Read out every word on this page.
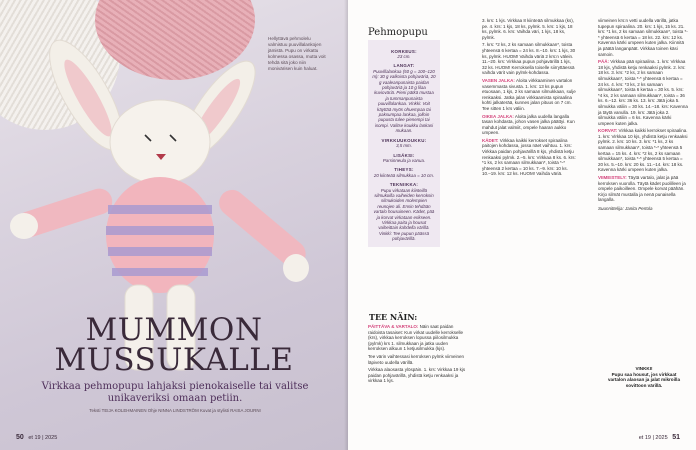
Hellyttävä pehmolelu valmistuu puuvillalankojen jämistä. Pupu on virkattu kolmessa osassa, mutta voit tehdä sitä joko niin monivärisen kuin haluat.
MUMMON
MUSSUKALLE
Virkkaa pehmopupu lahjaksi pienokaiselle tai valitse unikaveriksi omaan petiin.
Teksti TEIJA KOLEHMAINEN Ohje NINNA LINDSTRÖM Kuvat ja stylisti RAISA JOURNI
50 et 19 | 2025
Pehmopupu
KORKEUS:
23 cm.
LANGAT:
Puuvillalankaa (50 g = 100–120 m): 30 g valkoista pohjaväriä, 20 g vaaleanpunaista paidan pohjaväriä ja 10 g lilaa kuvioväriä. Pieni pätkä mustaa ja tummanpunaista puuvillalankaa. Vinkki: Voit käyttää myös ohuempaa tai paksumpaa lankaa, jolloin pupusta tulee pienempi tai isompi. Valitse koukku lankasi mukaan.
VIRKKUUKOUKKU:
3,5 mm.
LISÄKSI:
Parsinneula ja vanua.
TIHEYS:
20 kiinteää silmukkaa = 10 cm.
TEKNIIKKA:
Pupu virkataan kiinteillä silmukoilla vaiheiden kerroksin silmukoiden molempien reunojen ali. Ensin tehdään vartalo housuineen. Kädet, pää ja korvat virkataan erikseen. Virkkaa paita ja housut vaiheittain kahdella värillä. Vinkki: Tee pupun päässä pohjavärillä.
TEE NÄIN:
PÄITTÄVA & VARTALO: Näin saat paidan raidoista tasaiset: Kun virkat uudelle kerrokselle (krs), virkkaa kerroksen lopussa piilosilmukka (pylmk) krs 1. silmukkaan ja jatka uuden kerroksen alkuun 1 ketjusilmukka (kjs).
Tee värin vaihtessasi kerroksen pylmk viimeinen läpiveto uudella värillä.
Virkkaa alaosasta ylöspäin. 1. krs: Virkkaa 19 kjs paidan pohjavärillä, yhdistä ketju renkaaksi ja virkkaa 1 kjs.
3. krs: 1 kjs. Virkkaa 8 kiinteää silmukkaa (ks), pe. 4. krs: 1 kjs, 18 ks, pylmk. 5. krs: 1 kjs, 18 ks, pylmk. 6. krs: Vaihda väri, 1 kjs, 18 ks, pylmk.
7. krs: *2 ks, 2 ks samaan silmukkaan*, toista yhteensä 6 kertaa = 24 ks. 8.–10. krs: 1 kjs, 30 ks, pylmk. HUOM! Vaihda väriä 2 krs:n välein. 11.–20. krs: Virkkaa pupun pohjavärillä 1 kjs, 32 ks. HUOM! Kerroksella toiselle siirryttäessä vaihda värit vain pylmk-kohdassa.
VASEN JALKA: Aloita virkkaaminen vartalon vasemmasta sivusta. 1. krs: 13 ks pupun etuosaan, 1 kjs, 2 ks samaan silmukkaan, sulje renkaaksi. Jatka jalan virkkaamista spiraalina kohti jalkaterää, kunnes jalan pituus on 7 cm. Tee sitten 1 krs väliin.
OIKEA JALKA: Aloita jalka uudella langalla tasan kohdasta, johon vasen jalka päättyi. Kun mahdut jalat valmiit, ompele haaran aukko umpeen.
KÄDET: Virkkaa kaikki kerrokset spiraalina paitojen kohdassa, jossa näet vaihtuu. 1. krs: Virkkaa paidan pohjavärillä 8 kjs, yhdistä ketju renkaaksi pylmk. 2.–5. krs: Virkkaa 8 ks. 6. krs: *1 ks, 2 ks samaan silmukkaan*, toista *-* yhteensä 2 kertaa = 10 ks. 7.–9. krs: 10 ks. 10.–19. krs: 12 ks. HUOM! Vaihda väriä.
viimeinen krs:n vetti uudella värillä, jatka tupepun spiraalina. 20. krs: 1 kjs, 15 ks. 21. krs: *1 ks, 2 ks samaan silmukkaan*, toista *-* yhteensä 6 kertaa = 18 ks. 22. krs: 12 ks. Kavenna kärki umpeen kuten jalka. Kiinnitä ja päätä langanpäät. Virkkaa toinen käsi samoin.
PÄÄ: Virkkaa pää spiraalina. 1. krs: Virkkaa 18 kjs, yhdistä ketju renkaaksi pylmk. 2. krs: 18 ks. 3. krs: *2 ks, 2 ks samaan silmukkaan*, toista *-* yhteensä 6 kertaa = 24 ks. 4. krs: *3 ks, 2 ks samaan silmukkaan*, toista 6 kertaa = 30 ks. 5. krs: *4 ks, 2 ks samaan silmukkaan*, toista = 36 ks. 6.–12. krs: 36 ks. 13. krs: Jätä joka 5. silmukka väliin = 30 ks. 14.–18. krs: Kavenna ja täytä vanulla. 19. krs: Jätä joka 2. silmukka väliin = 6 ks. Kavenna kärki umpeen kuten jalka.
KORVAT: Virkkaa kaikki kerrokset spiraalina. 1. krs: Virkkaa 10 kjs, yhdistä ketju renkaaksi pylmk. 2. krs: 10 ks. 3. krs: *1 ks, 2 ks samaan silmukkaan*, toista *-* yhteensä 5 kertaa = 15 ks. 4. krs: *2 ks, 2 ks samaan silmukkaan*, toista *-* yhteensä 5 kertaa = 20 ks. 5.–10. krs: 20 ks. 11.–14. krs: 18 ks. Kavenna kärki umpeen kuten jalka.
VIIMEISTELY: Täytä vartalo, jalat ja pää kerroksen vuorolla. Täytä kädet puolilleen ja ompele paikoilleen. Ompele korvat päähän. Kirjo silmät mustalla ja nenä punaisella langalla.
Suunnittelija: Janita Pertola
VINKKI!
Pupu saa housut, jos virkkaat vartalon alaosan ja jalat mikroilla sovittoon värillä.
et 19 | 2025 51
